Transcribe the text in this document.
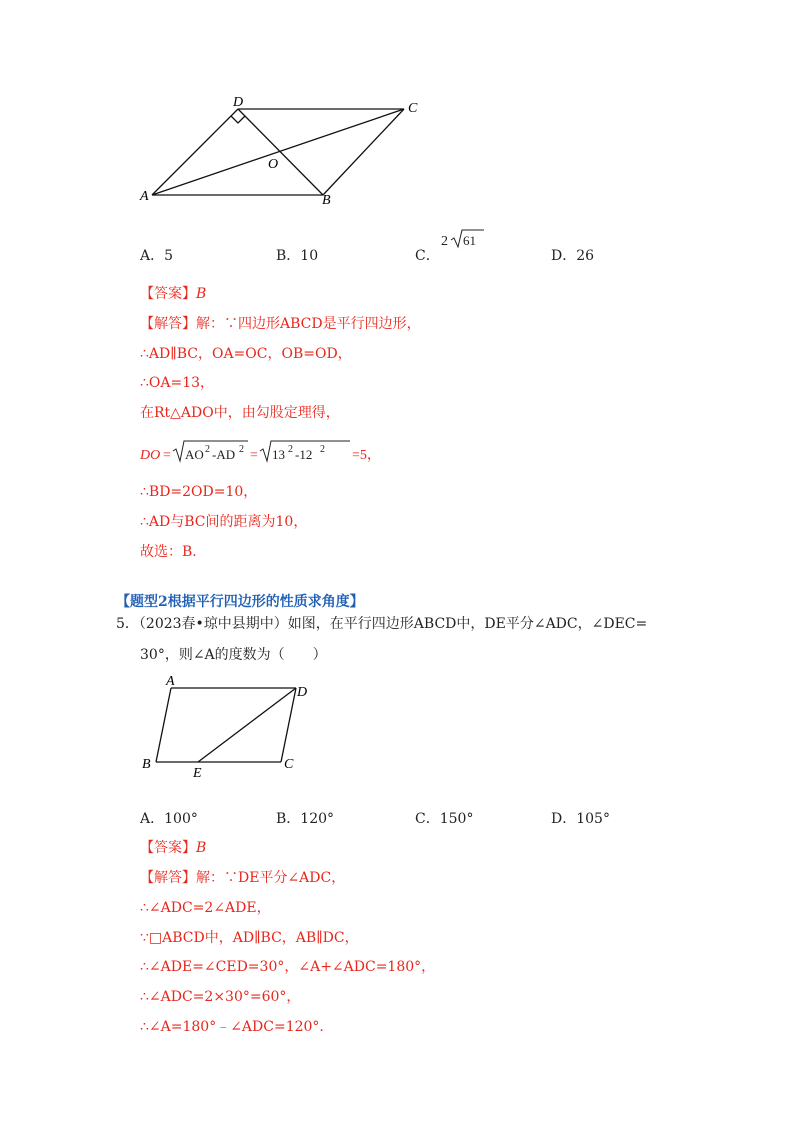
D	C
A	B
O
A．5	B．10	C．
2 61
D．26
【答案】B
【解答】解：∵四边形ABCD是平行四边形，
∴AD∥BC，OA=OC，OB=OD，
∴OA=13，
在Rt△ADO中，由勾股定理得，
DO = AO 2 -AD 2 = 13 2 -12 2 =5，
∴BD=2OD=10，
∴AD与BC间的距离为10，
故选：B.
【题型2根据平行四边形的性质求角度】
5．（2023春•琼中县期中）如图，在平行四边形ABCD中，DE平分∠ADC，∠DEC=
30°，则∠A的度数为（　　）
A
D
B	C
E
A．100°	B．120°	C．150°	D．105°
【答案】B
【解答】解：∵DE平分∠ADC，
∴∠ADC=2∠ADE，
∵□ABCD中，AD∥BC，AB∥DC，
∴∠ADE=∠CED=30°，∠A+∠ADC=180°，
∴∠ADC=2×30°=60°，
∴∠A=180°﹣∠ADC=120°.
